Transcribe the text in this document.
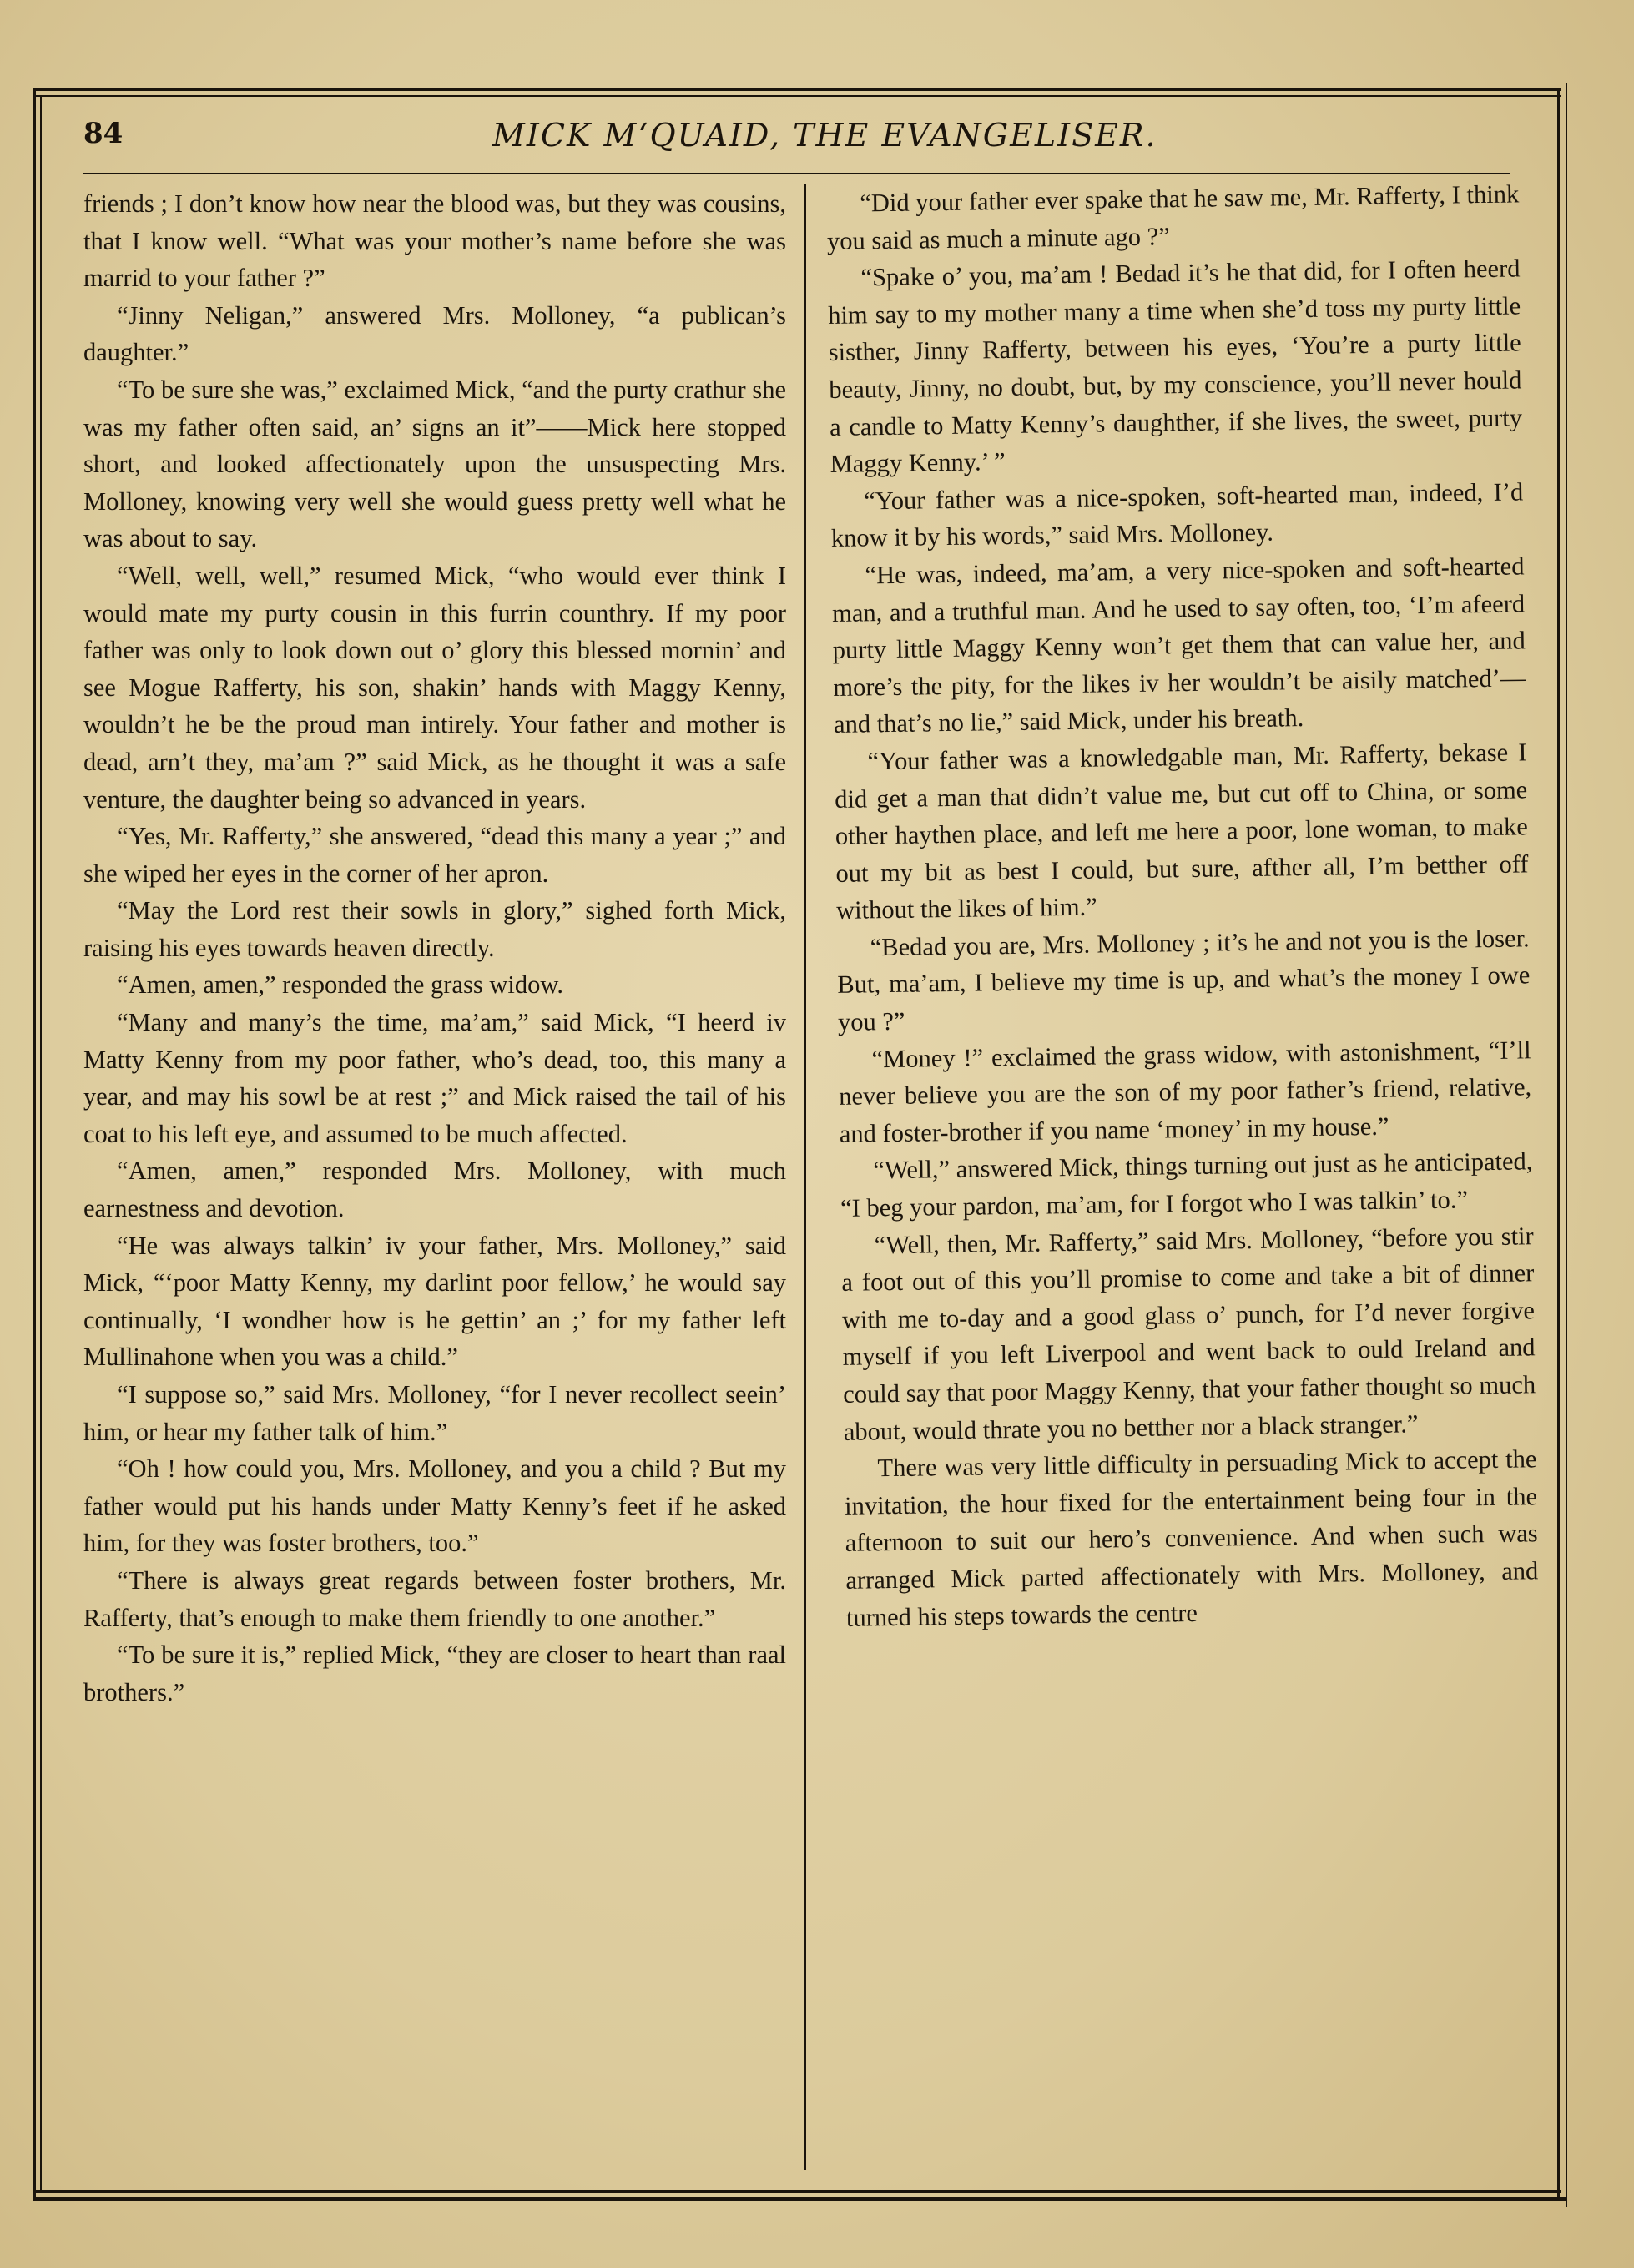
84	MICK M‘QUAID, THE EVANGELISER.

friends ; I don’t know how near the blood was, but they was cousins, that I know well. “What was your mother’s name before she was marrid to your father ?”

“Jinny Neligan,” answered Mrs. Molloney, “a publican’s daughter.”

“To be sure she was,” exclaimed Mick, “and the purty crathur she was my father often said, an’ signs an it”——Mick here stopped short, and looked affectionately upon the unsuspecting Mrs. Molloney, knowing very well she would guess pretty well what he was about to say.

“Well, well, well,” resumed Mick, “who would ever think I would mate my purty cousin in this furrin counthry. If my poor father was only to look down out o’ glory this blessed mornin’ and see Mogue Rafferty, his son, shakin’ hands with Maggy Kenny, wouldn’t he be the proud man intirely. Your father and mother is dead, arn’t they, ma’am ?” said Mick, as he thought it was a safe venture, the daughter being so advanced in years.

“Yes, Mr. Rafferty,” she answered, “dead this many a year ;” and she wiped her eyes in the corner of her apron.

“May the Lord rest their sowls in glory,” sighed forth Mick, raising his eyes towards heaven directly.

“Amen, amen,” responded the grass widow.

“Many and many’s the time, ma’am,” said Mick, “I heerd iv Matty Kenny from my poor father, who’s dead, too, this many a year, and may his sowl be at rest ;” and Mick raised the tail of his coat to his left eye, and assumed to be much affected.

“Amen, amen,” responded Mrs. Molloney, with much earnestness and devotion.

“He was always talkin’ iv your father, Mrs. Molloney,” said Mick, “‘poor Matty Kenny, my darlint poor fellow,’ he would say continually, ‘I wondher how is he gettin’ an ;’ for my father left Mullinahone when you was a child.”

“I suppose so,” said Mrs. Molloney, “for I never recollect seein’ him, or hear my father talk of him.”

“Oh ! how could you, Mrs. Molloney, and you a child ? But my father would put his hands under Matty Kenny’s feet if he asked him, for they was foster brothers, too.”

“There is always great regards between foster brothers, Mr. Rafferty, that’s enough to make them friendly to one another.”

“To be sure it is,” replied Mick, “they are closer to heart than raal brothers.”

“Did your father ever spake that he saw me, Mr. Rafferty, I think you said as much a minute ago ?”

“Spake o’ you, ma’am ! Bedad it’s he that did, for I often heerd him say to my mother many a time when she’d toss my purty little sisther, Jinny Rafferty, between his eyes, ‘You’re a purty little beauty, Jinny, no doubt, but, by my conscience, you’ll never hould a candle to Matty Kenny’s daughther, if she lives, the sweet, purty Maggy Kenny.’ ”

“Your father was a nice-spoken, soft-hearted man, indeed, I’d know it by his words,” said Mrs. Molloney.

“He was, indeed, ma’am, a very nice-spoken and soft-hearted man, and a truthful man. And he used to say often, too, ‘I’m afeerd purty little Maggy Kenny won’t get them that can value her, and more’s the pity, for the likes iv her wouldn’t be aisily matched’—and that’s no lie,” said Mick, under his breath.

“Your father was a knowledgable man, Mr. Rafferty, bekase I did get a man that didn’t value me, but cut off to China, or some other haythen place, and left me here a poor, lone woman, to make out my bit as best I could, but sure, afther all, I’m betther off without the likes of him.”

“Bedad you are, Mrs. Molloney ; it’s he and not you is the loser. But, ma’am, I believe my time is up, and what’s the money I owe you ?”

“Money !” exclaimed the grass widow, with astonishment, “I’ll never believe you are the son of my poor father’s friend, relative, and foster-brother if you name ‘money’ in my house.”

“Well,” answered Mick, things turning out just as he anticipated, “I beg your pardon, ma’am, for I forgot who I was talkin’ to.”

“Well, then, Mr. Rafferty,” said Mrs. Molloney, “before you stir a foot out of this you’ll promise to come and take a bit of dinner with me to-day and a good glass o’ punch, for I’d never forgive myself if you left Liverpool and went back to ould Ireland and could say that poor Maggy Kenny, that your father thought so much about, would thrate you no betther nor a black stranger.”

There was very little difficulty in persuading Mick to accept the invitation, the hour fixed for the entertainment being four in the afternoon to suit our hero’s convenience. And when such was arranged Mick parted affectionately with Mrs. Molloney, and turned his steps towards the centre
